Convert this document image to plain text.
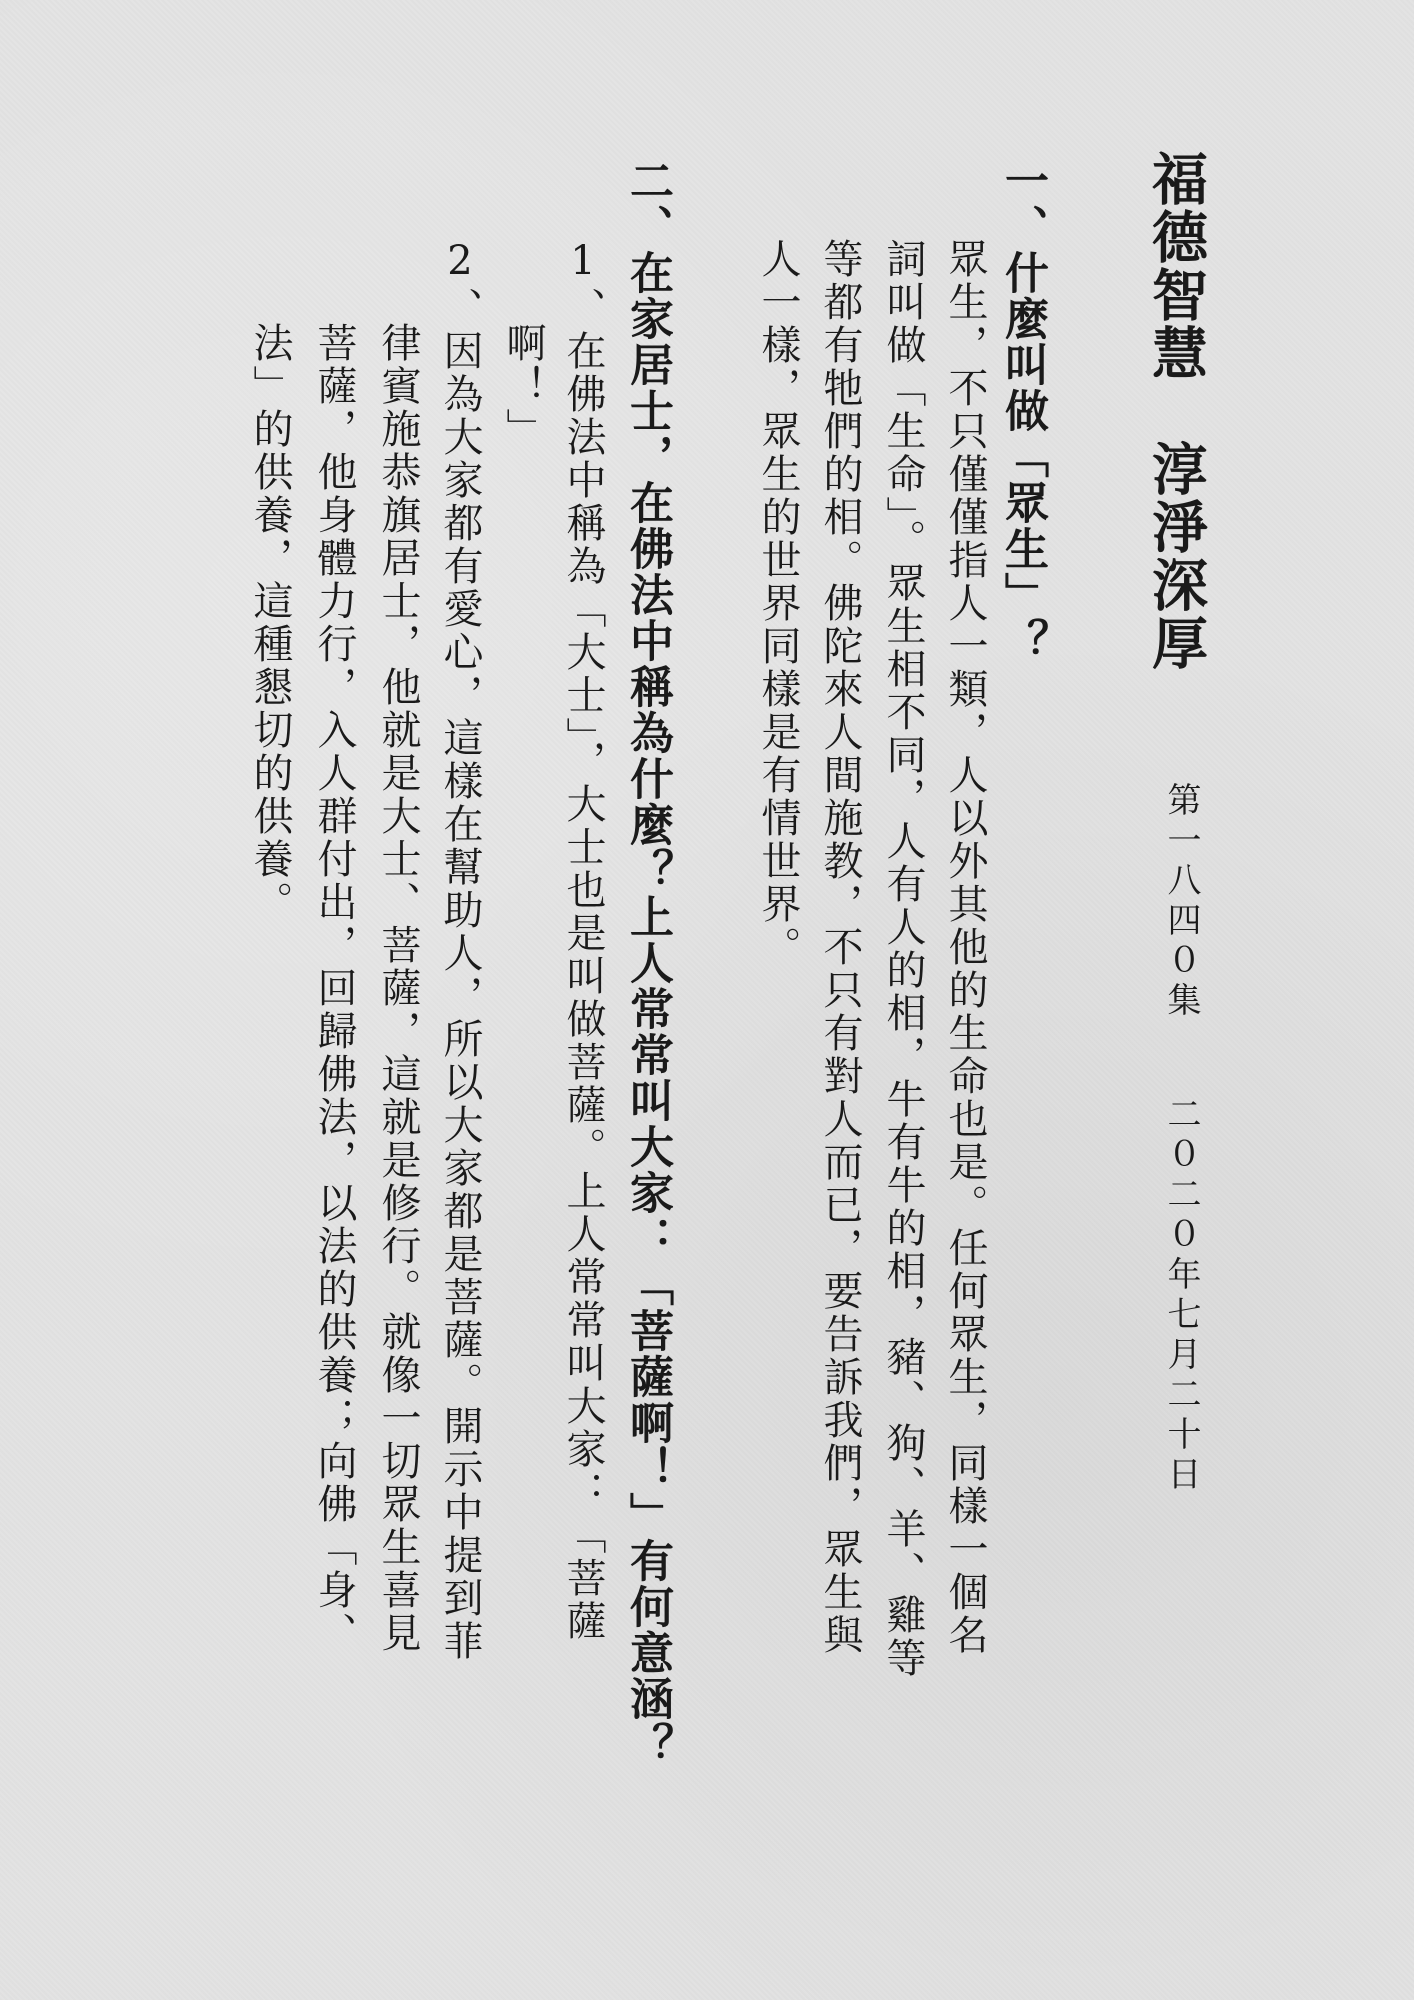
福德智慧　淳淨深厚
第一八四０集
二０二０年七月二十日
一、什麼叫做「眾生」？

眾生，不只僅僅指人一類，人以外其他的生命也是。任何眾生，同樣一個名

詞叫做「生命」。眾生相不同，人有人的相，牛有牛的相，豬、狗、羊、雞等

等都有牠們的相。佛陀來人間施教，不只有對人而已，要告訴我們，眾生與

人一樣，眾生的世界同樣是有情世界。

二、在家居士，在佛法中稱為什麼？上人常常叫大家：「菩薩啊！」有何意涵？

1、在佛法中稱為「大士」，大士也是叫做菩薩。上人常常叫大家：「菩薩

啊！」

2、因為大家都有愛心，這樣在幫助人，所以大家都是菩薩。開示中提到菲

律賓施恭旗居士，他就是大士、菩薩，這就是修行。就像一切眾生喜見

菩薩，他身體力行，入人群付出，回歸佛法，以法的供養；向佛「身、

法」的供養，這種懇切的供養。
